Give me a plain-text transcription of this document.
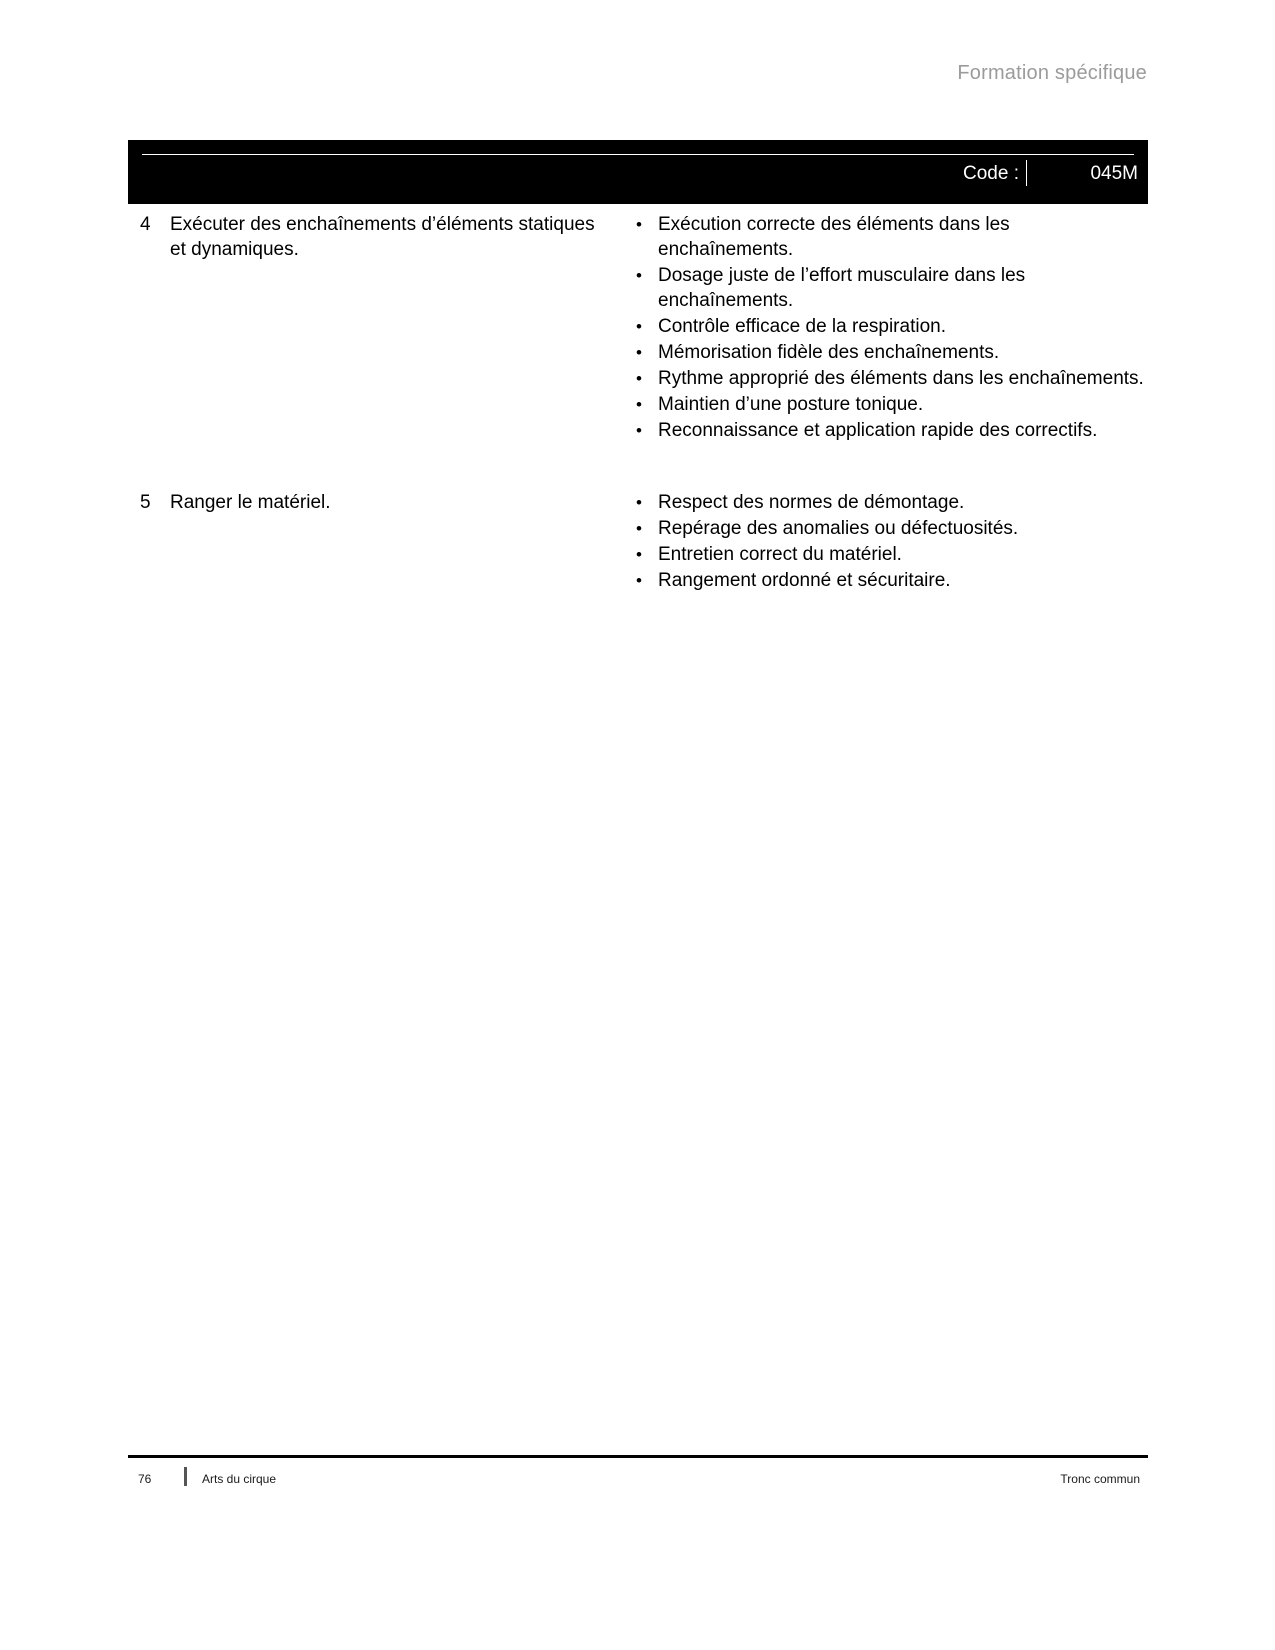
Formation spécifique
Code :	045M
4	Exécuter des enchaînements d’éléments statiques et dynamiques.
• Exécution correcte des éléments dans les enchaînements.
• Dosage juste de l’effort musculaire dans les enchaînements.
• Contrôle efficace de la respiration.
• Mémorisation fidèle des enchaînements.
• Rythme approprié des éléments dans les enchaînements.
• Maintien d’une posture tonique.
• Reconnaissance et application rapide des correctifs.
5	Ranger le matériel.	• Respect des normes de démontage.
• Repérage des anomalies ou défectuosités.
• Entretien correct du matériel.
• Rangement ordonné et sécuritaire.
76	Arts du cirque	Tronc commun
